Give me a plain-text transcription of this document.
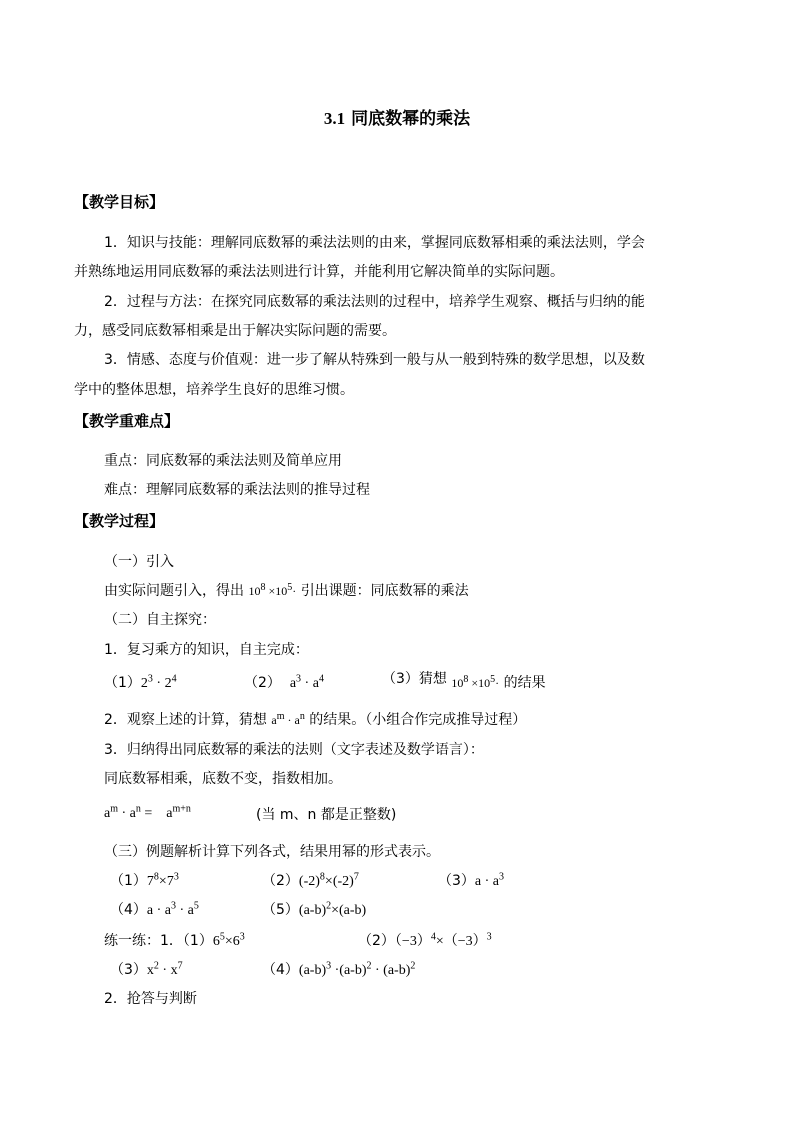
3.1 同底数幂的乘法
【教学目标】
1．知识与技能：理解同底数幂的乘法法则的由来，掌握同底数幂相乘的乘法法则，学会
并熟练地运用同底数幂的乘法法则进行计算，并能利用它解决简单的实际问题。
2．过程与方法：在探究同底数幂的乘法法则的过程中，培养学生观察、概括与归纳的能
力，感受同底数幂相乘是出于解决实际问题的需要。
3．情感、态度与价值观：进一步了解从特殊到一般与从一般到特殊的数学思想，以及数
学中的整体思想，培养学生良好的思维习惯。
【教学重难点】
重点：同底数幂的乘法法则及简单应用
难点：理解同底数幂的乘法法则的推导过程
【教学过程】
（一）引入
由实际问题引入，得出 $10^8 \times 10^5\cdot$ 引出课题：同底数幂的乘法
（二）自主探究：
1．复习乘方的知识，自主完成：
$(1)2^3 \cdot 2^4$	（2） $a^3 \cdot a^4$	（3）猜想 $10^8 \times 10^5\cdot$ 的结果
2．观察上述的计算，猜想 $a^m \cdot a^n$ 的结果。（小组合作完成推导过程）
3．归纳得出同底数幂的乘法的法则（文字表述及数学语言）：
同底数幂相乘，底数不变，指数相加。
$a^m \cdot a^n$ =    $a^{m+n}$	(当 m、n 都是正整数)
（三）例题解析计算下列各式，结果用幂的形式表示。
$(1)7^8\times 7^3$	$(2)(-2)^8\times(-2)^7$	$(3)a \cdot a^3$
$(4)a \cdot a^3 \cdot a^5$	$(5)(a-b)^2\times(a-b)$
练一练：1．$(1)6^5\times 6^3$	$(2)(-3)^4\times(-3)^3$
$(3)x^2 \cdot x^7$	$(4)(a-b)^3 \cdot(a-b)^2 \cdot (a-b)^2$
2．抢答与判断
